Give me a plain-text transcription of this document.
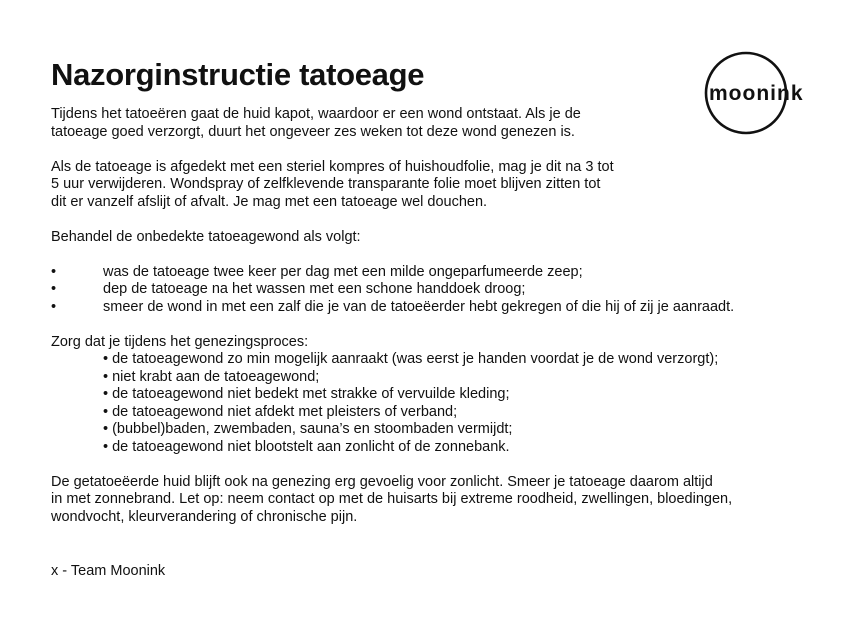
Nazorginstructie tatoeage
moonink

Tijdens het tatoeëren gaat de huid kapot, waardoor er een wond ontstaat. Als je de

tatoeage goed verzorgt, duurt het ongeveer zes weken tot deze wond genezen is.

Als de tatoeage is afgedekt met een steriel kompres of huishoudfolie, mag je dit na 3 tot

5 uur verwijderen. Wondspray of zelfklevende transparante folie moet blijven zitten tot

dit er vanzelf afslijt of afvalt. Je mag met een tatoeage wel douchen.

Behandel de onbedekte tatoeagewond als volgt:

•	was de tatoeage twee keer per dag met een milde ongeparfumeerde zeep;

•	dep de tatoeage na het wassen met een schone handdoek droog;

•	smeer de wond in met een zalf die je van de tatoeëerder hebt gekregen of die hij of zij je aanraadt.

Zorg dat je tijdens het genezingsproces:

• de tatoeagewond zo min mogelijk aanraakt (was eerst je handen voordat je de wond verzorgt);

• niet krabt aan de tatoeagewond;

• de tatoeagewond niet bedekt met strakke of vervuilde kleding;

• de tatoeagewond niet afdekt met pleisters of verband;

• (bubbel)baden, zwembaden, sauna’s en stoombaden vermijdt;

• de tatoeagewond niet blootstelt aan zonlicht of de zonnebank.

De getatoeëerde huid blijft ook na genezing erg gevoelig voor zonlicht. Smeer je tatoeage daarom altijd

in met zonnebrand. Let op: neem contact op met de huisarts bij extreme roodheid, zwellingen, bloedingen,

wondvocht, kleurverandering of chronische pijn.

x - Team Moonink
